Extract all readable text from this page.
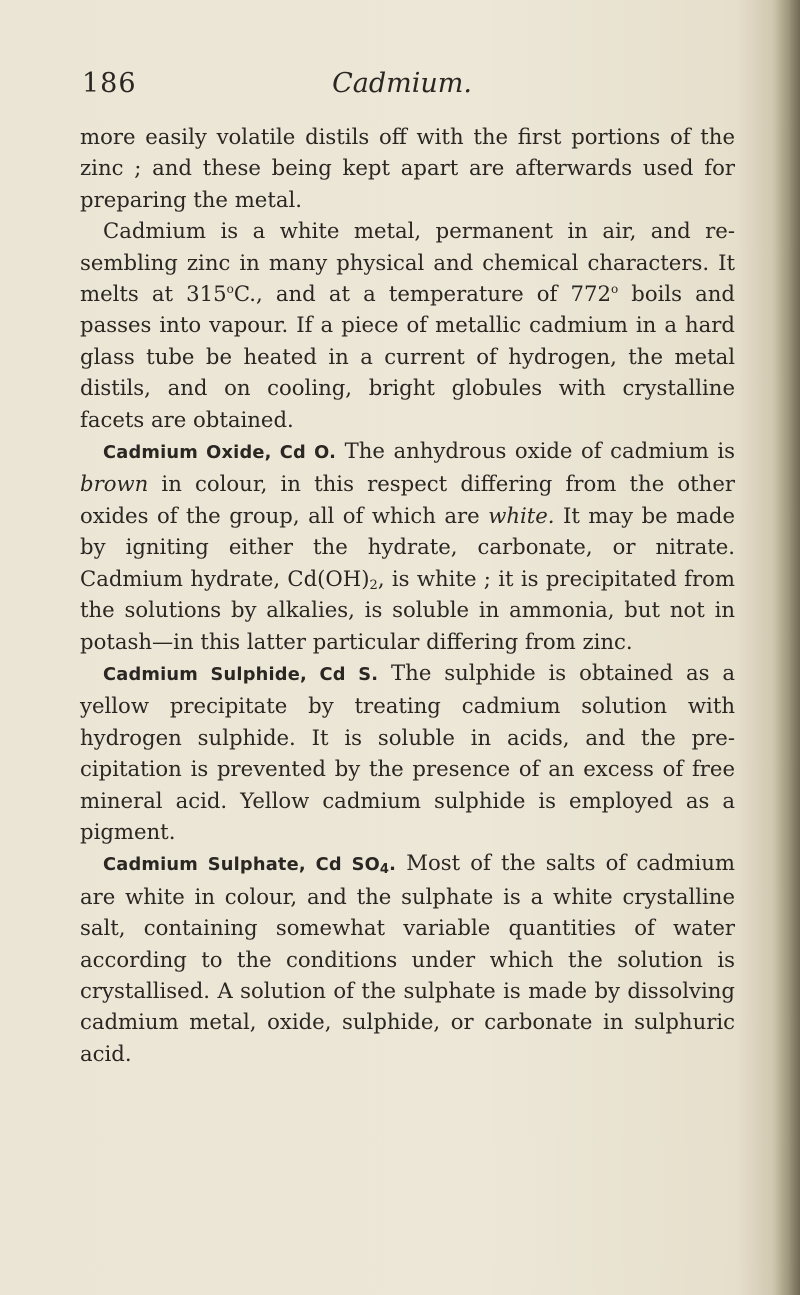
186	Cadmium.

more easily volatile distils off with the first portions of the zinc ; and these being kept apart are afterwards used for preparing the metal.

Cadmium is a white metal, permanent in air, and resembling zinc in many physical and chemical characters. It melts at 315$^o$C., and at a temperature of 772$^o$ boils and passes into vapour. If a piece of metallic cadmium in a hard glass tube be heated in a current of hydrogen, the metal distils, and on cooling, bright globules with crystalline facets are obtained.

Cadmium Oxide, Cd O. The anhydrous oxide of cadmium is brown in colour, in this respect differing from the other oxides of the group, all of which are white. It may be made by igniting either the hydrate, carbonate, or nitrate. Cadmium hydrate, $Cd(OH)_2$, is white ; it is precipitated from the solutions by alkalies, is soluble in ammonia, but not in potash—in this latter particular differing from zinc.

Cadmium Sulphide, Cd S. The sulphide is obtained as a yellow precipitate by treating cadmium solution with hydrogen sulphide. It is soluble in acids, and the precipitation is prevented by the presence of an excess of free mineral acid. Yellow cadmium sulphide is employed as a pigment.

Cadmium Sulphate, Cd $SO_4$. Most of the salts of cadmium are white in colour, and the sulphate is a white crystalline salt, containing somewhat variable quantities of water according to the conditions under which the solution is crystallised. A solution of the sulphate is made by dissolving cadmium metal, oxide, sulphide, or carbonate in sulphuric acid.
